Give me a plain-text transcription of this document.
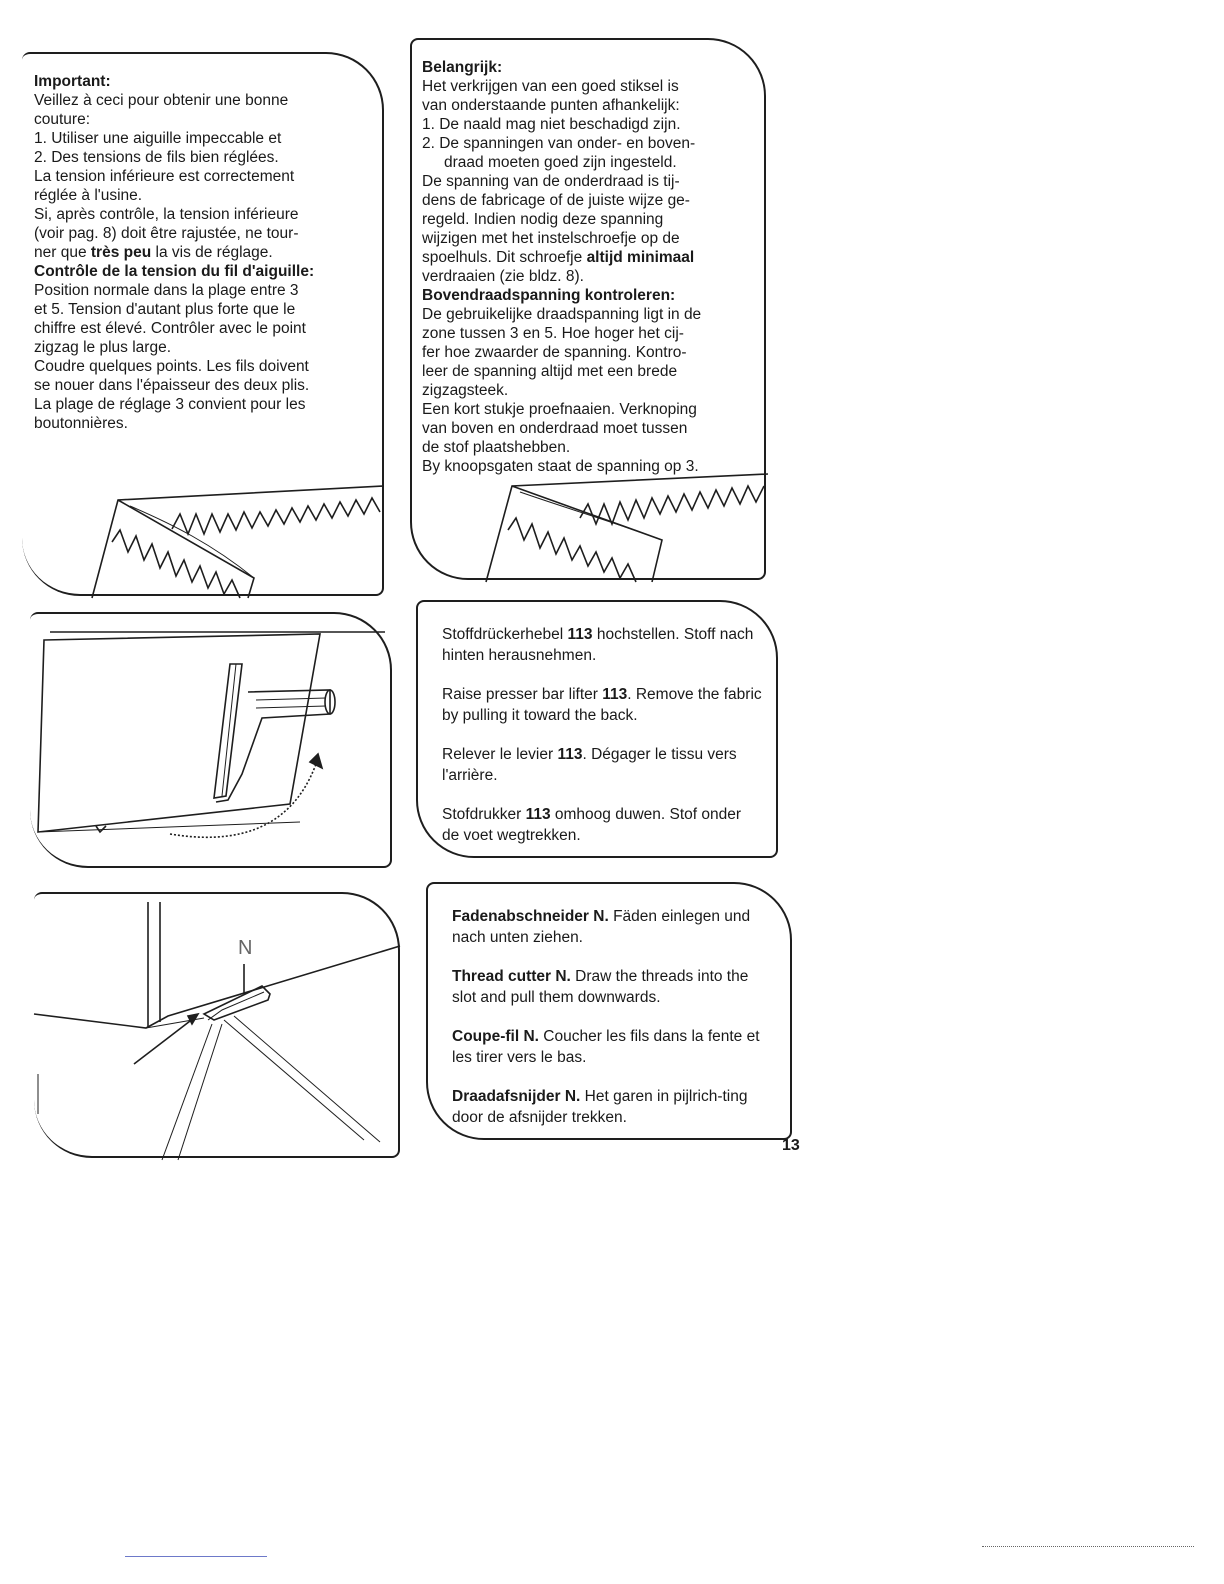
Important:

Veillez à ceci pour obtenir une bonne

couture:

1. Utiliser une aiguille impeccable et

2. Des tensions de fils bien réglées.

La tension inférieure est correctement

réglée à l'usine.

Si, après contrôle, la tension inférieure

(voir pag. 8) doit être rajustée, ne tour-

ner que très peu la vis de réglage.

Contrôle de la tension du fil d'aiguille:

Position normale dans la plage entre 3

et 5. Tension d'autant plus forte que le

chiffre est élevé. Contrôler avec le point

zigzag le plus large.

Coudre quelques points. Les fils doivent

se nouer dans l'épaisseur des deux plis.

La plage de réglage 3 convient pour les

boutonnières.

Belangrijk:

Het verkrijgen van een goed stiksel is

van onderstaande punten afhankelijk:

1. De naald mag niet beschadigd zijn.

2. De spanningen van onder- en boven-

draad moeten goed zijn ingesteld.

De spanning van de onderdraad is tij-

dens de fabricage of de juiste wijze ge-

regeld. Indien nodig deze spanning

wijzigen met het instelschroefje op de

spoelhuls. Dit schroefje altijd minimaal

verdraaien (zie bldz. 8).

Bovendraadspanning kontroleren:

De gebruikelijke draadspanning ligt in de

zone tussen 3 en 5. Hoe hoger het cij-

fer hoe zwaarder de spanning. Kontro-

leer de spanning altijd met een brede

zigzagsteek.

Een kort stukje proefnaaien. Verknoping

van boven en onderdraad moet tussen

de stof plaatshebben.

By knoopsgaten staat de spanning op 3.

Stoffdrückerhebel 113 hochstellen. Stoff nach hinten herausnehmen.

Raise presser bar lifter 113. Remove the fabric by pulling it toward the back.

Relever le levier 113. Dégager le tissu vers l'arrière.

Stofdrukker 113 omhoog duwen. Stof onder de voet wegtrekken.

N

Fadenabschneider N. Fäden einlegen und nach unten ziehen.

Thread cutter N. Draw the threads into the slot and pull them downwards.

Coupe-fil N. Coucher les fils dans la fente et les tirer vers le bas.

Draadafsnijder N. Het garen in pijlrich-ting door de afsnijder trekken.

13
